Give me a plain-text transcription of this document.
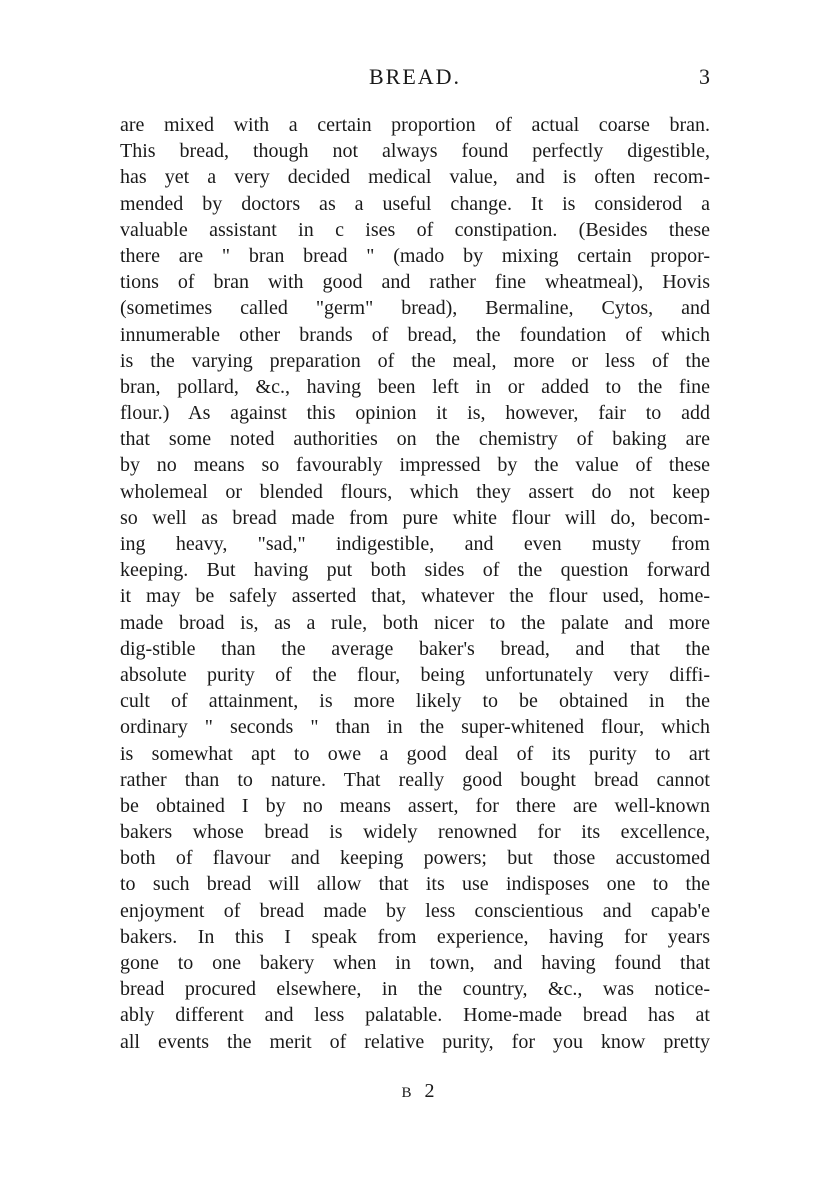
BREAD.	3
are mixed with a certain proportion of actual coarse bran.
This bread, though not always found perfectly digestible,
has yet a very decided medical value, and is often recom-
mended by doctors as a useful change. It is considerod a
valuable assistant in c ises of constipation. (Besides these
there are " bran bread " (mado by mixing certain propor-
tions of bran with good and rather fine wheatmeal), Hovis
(sometimes called "germ" bread), Bermaline, Cytos, and
innumerable other brands of bread, the foundation of which
is the varying preparation of the meal, more or less of the
bran, pollard, &c., having been left in or added to the fine
flour.) As against this opinion it is, however, fair to add
that some noted authorities on the chemistry of baking are
by no means so favourably impressed by the value of these
wholemeal or blended flours, which they assert do not keep
so well as bread made from pure white flour will do, becom-
ing heavy, "sad," indigestible, and even musty from
keeping. But having put both sides of the question forward
it may be safely asserted that, whatever the flour used, home-
made broad is, as a rule, both nicer to the palate and more
dig-stible than the average baker's bread, and that the
absolute purity of the flour, being unfortunately very diffi-
cult of attainment, is more likely to be obtained in the
ordinary " seconds " than in the super-whitened flour, which
is somewhat apt to owe a good deal of its purity to art
rather than to nature. That really good bought bread cannot
be obtained I by no means assert, for there are well-known
bakers whose bread is widely renowned for its excellence,
both of flavour and keeping powers; but those accustomed
to such bread will allow that its use indisposes one to the
enjoyment of bread made by less conscientious and capab'e
bakers. In this I speak from experience, having for years
gone to one bakery when in town, and having found that
bread procured elsewhere, in the country, &c., was notice-
ably different and less palatable. Home-made bread has at
all events the merit of relative purity, for you know pretty
B 2
